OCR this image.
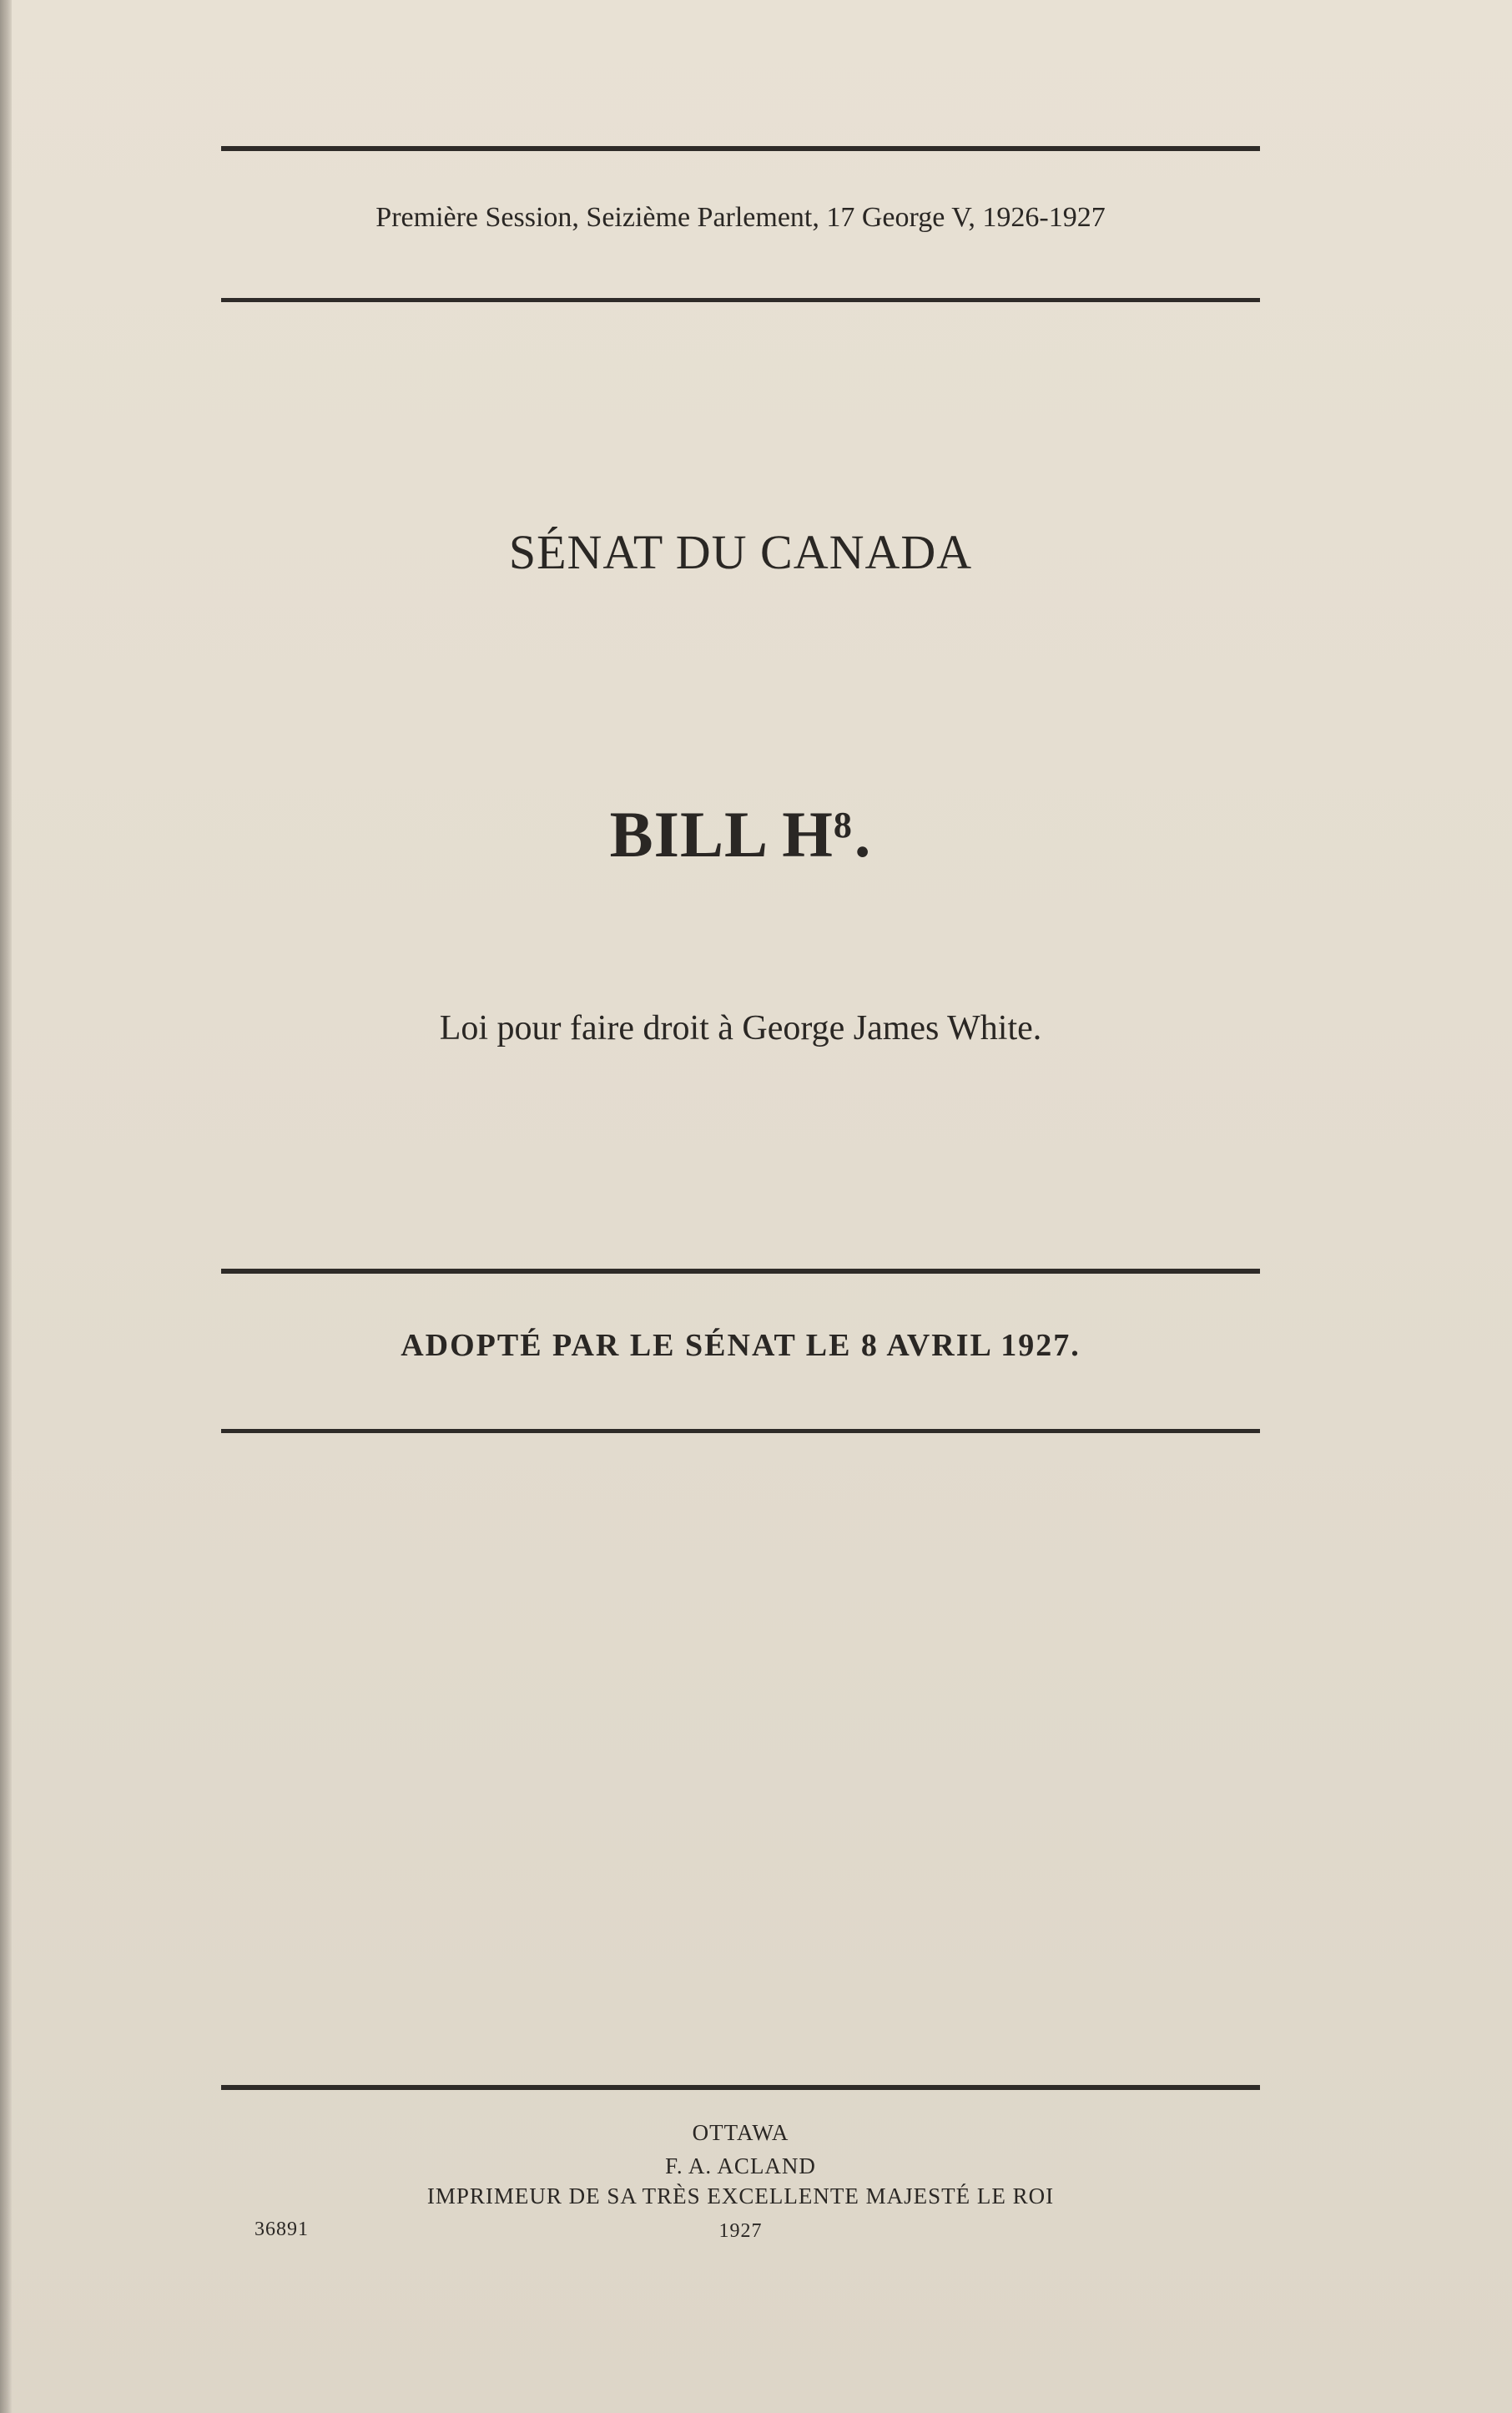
Première Session, Seizième Parlement, 17 George V, 1926-1927
SÉNAT DU CANADA
BILL $H^8$.
Loi pour faire droit à George James White.
ADOPTÉ PAR LE SÉNAT LE 8 AVRIL 1927.
OTTAWA
F. A. ACLAND
IMPRIMEUR DE SA TRÈS EXCELLENTE MAJESTÉ LE ROI
36891	1927
